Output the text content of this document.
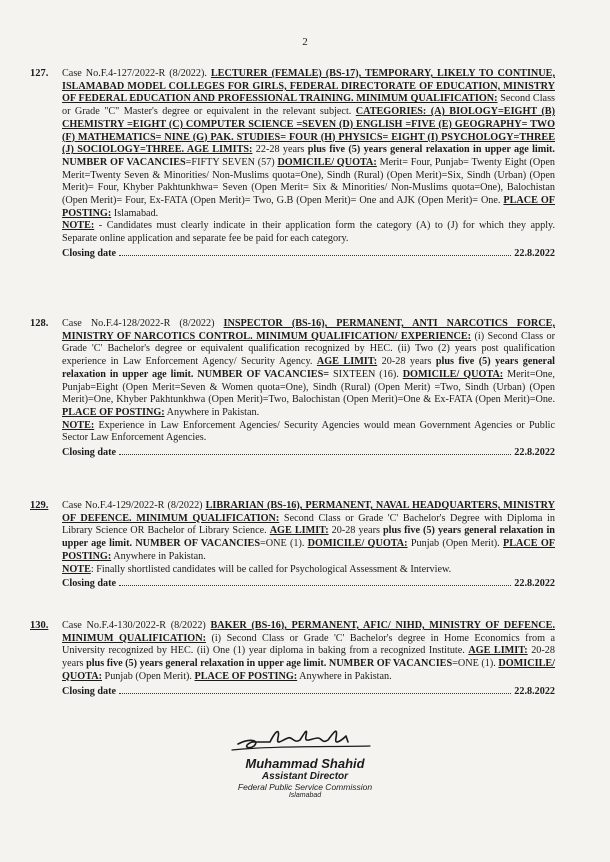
2
127.	Case No.F.4-127/2022-R (8/2022). LECTURER (FEMALE) (BS-17), TEMPORARY, LIKELY TO CONTINUE, ISLAMABAD MODEL COLLEGES FOR GIRLS, FEDERAL DIRECTORATE OF EDUCATION, MINISTRY OF FEDERAL EDUCATION AND PROFESSIONAL TRAINING. MINIMUM QUALIFICATION: Second Class or Grade "C" Master's degree or equivalent in the relevant subject. CATEGORIES: (A) BIOLOGY=EIGHT (B) CHEMISTRY =EIGHT (C) COMPUTER SCIENCE =SEVEN (D) ENGLISH =FIVE (E) GEOGRAPHY= TWO (F) MATHEMATICS= NINE (G) PAK. STUDIES= FOUR (H) PHYSICS= EIGHT (I) PSYCHOLOGY=THREE (J) SOCIOLOGY=THREE. AGE LIMITS: 22-28 years plus five (5) years general relaxation in upper age limit. NUMBER OF VACANCIES=FIFTY SEVEN (57) DOMICILE/ QUOTA: Merit= Four, Punjab= Twenty Eight (Open Merit=Twenty Seven & Minorities/ Non-Muslims quota=One), Sindh (Rural) (Open Merit)=Six, Sindh (Urban) (Open Merit)= Four, Khyber Pakhtunkhwa= Seven (Open Merit= Six & Minorities/ Non-Muslims quota=One), Balochistan (Open Merit)= Four, Ex-FATA (Open Merit)= Two, G.B (Open Merit)= One and AJK (Open Merit)= One. PLACE OF POSTING: Islamabad.
NOTE: - Candidates must clearly indicate in their application form the category (A) to (J) for which they apply. Separate online application and separate fee be paid for each category.
Closing date	22.8.2022
128.	Case No.F.4-128/2022-R (8/2022) INSPECTOR (BS-16), PERMANENT, ANTI NARCOTICS FORCE, MINISTRY OF NARCOTICS CONTROL. MINIMUM QUALIFICATION/ EXPERIENCE: (i) Second Class or Grade 'C' Bachelor's degree or equivalent qualification recognized by HEC. (ii) Two (2) years post qualification experience in Law Enforcement Agency/ Security Agency. AGE LIMIT: 20-28 years plus five (5) years general relaxation in upper age limit. NUMBER OF VACANCIES= SIXTEEN (16). DOMICILE/ QUOTA: Merit=One, Punjab=Eight (Open Merit=Seven & Women quota=One), Sindh (Rural) (Open Merit) =Two, Sindh (Urban) (Open Merit)=One, Khyber Pakhtunkhwa (Open Merit)=Two, Balochistan (Open Merit)=One & Ex-FATA (Open Merit)=One. PLACE OF POSTING: Anywhere in Pakistan.
NOTE: Experience in Law Enforcement Agencies/ Security Agencies would mean Government Agencies or Public Sector Law Enforcement Agencies.
Closing date	22.8.2022
129.	Case No.F.4-129/2022-R (8/2022) LIBRARIAN (BS-16), PERMANENT, NAVAL HEADQUARTERS, MINISTRY OF DEFENCE. MINIMUM QUALIFICATION: Second Class or Grade 'C' Bachelor's Degree with Diploma in Library Science OR Bachelor of Library Science. AGE LIMIT: 20-28 years plus five (5) years general relaxation in upper age limit. NUMBER OF VACANCIES=ONE (1). DOMICILE/ QUOTA: Punjab (Open Merit). PLACE OF POSTING: Anywhere in Pakistan.
NOTE: Finally shortlisted candidates will be called for Psychological Assessment & Interview.
Closing date	22.8.2022
130.	Case No.F.4-130/2022-R (8/2022) BAKER (BS-16), PERMANENT, AFIC/ NIHD, MINISTRY OF DEFENCE. MINIMUM QUALIFICATION: (i) Second Class or Grade 'C' Bachelor's degree in Home Economics from a University recognized by HEC. (ii) One (1) year diploma in baking from a recognized Institute. AGE LIMIT: 20-28 years plus five (5) years general relaxation in upper age limit. NUMBER OF VACANCIES=ONE (1). DOMICILE/ QUOTA: Punjab (Open Merit). PLACE OF POSTING: Anywhere in Pakistan.
Closing date	22.8.2022
Muhammad Shahid
Assistant Director
Federal Public Service Commission
Islamabad
